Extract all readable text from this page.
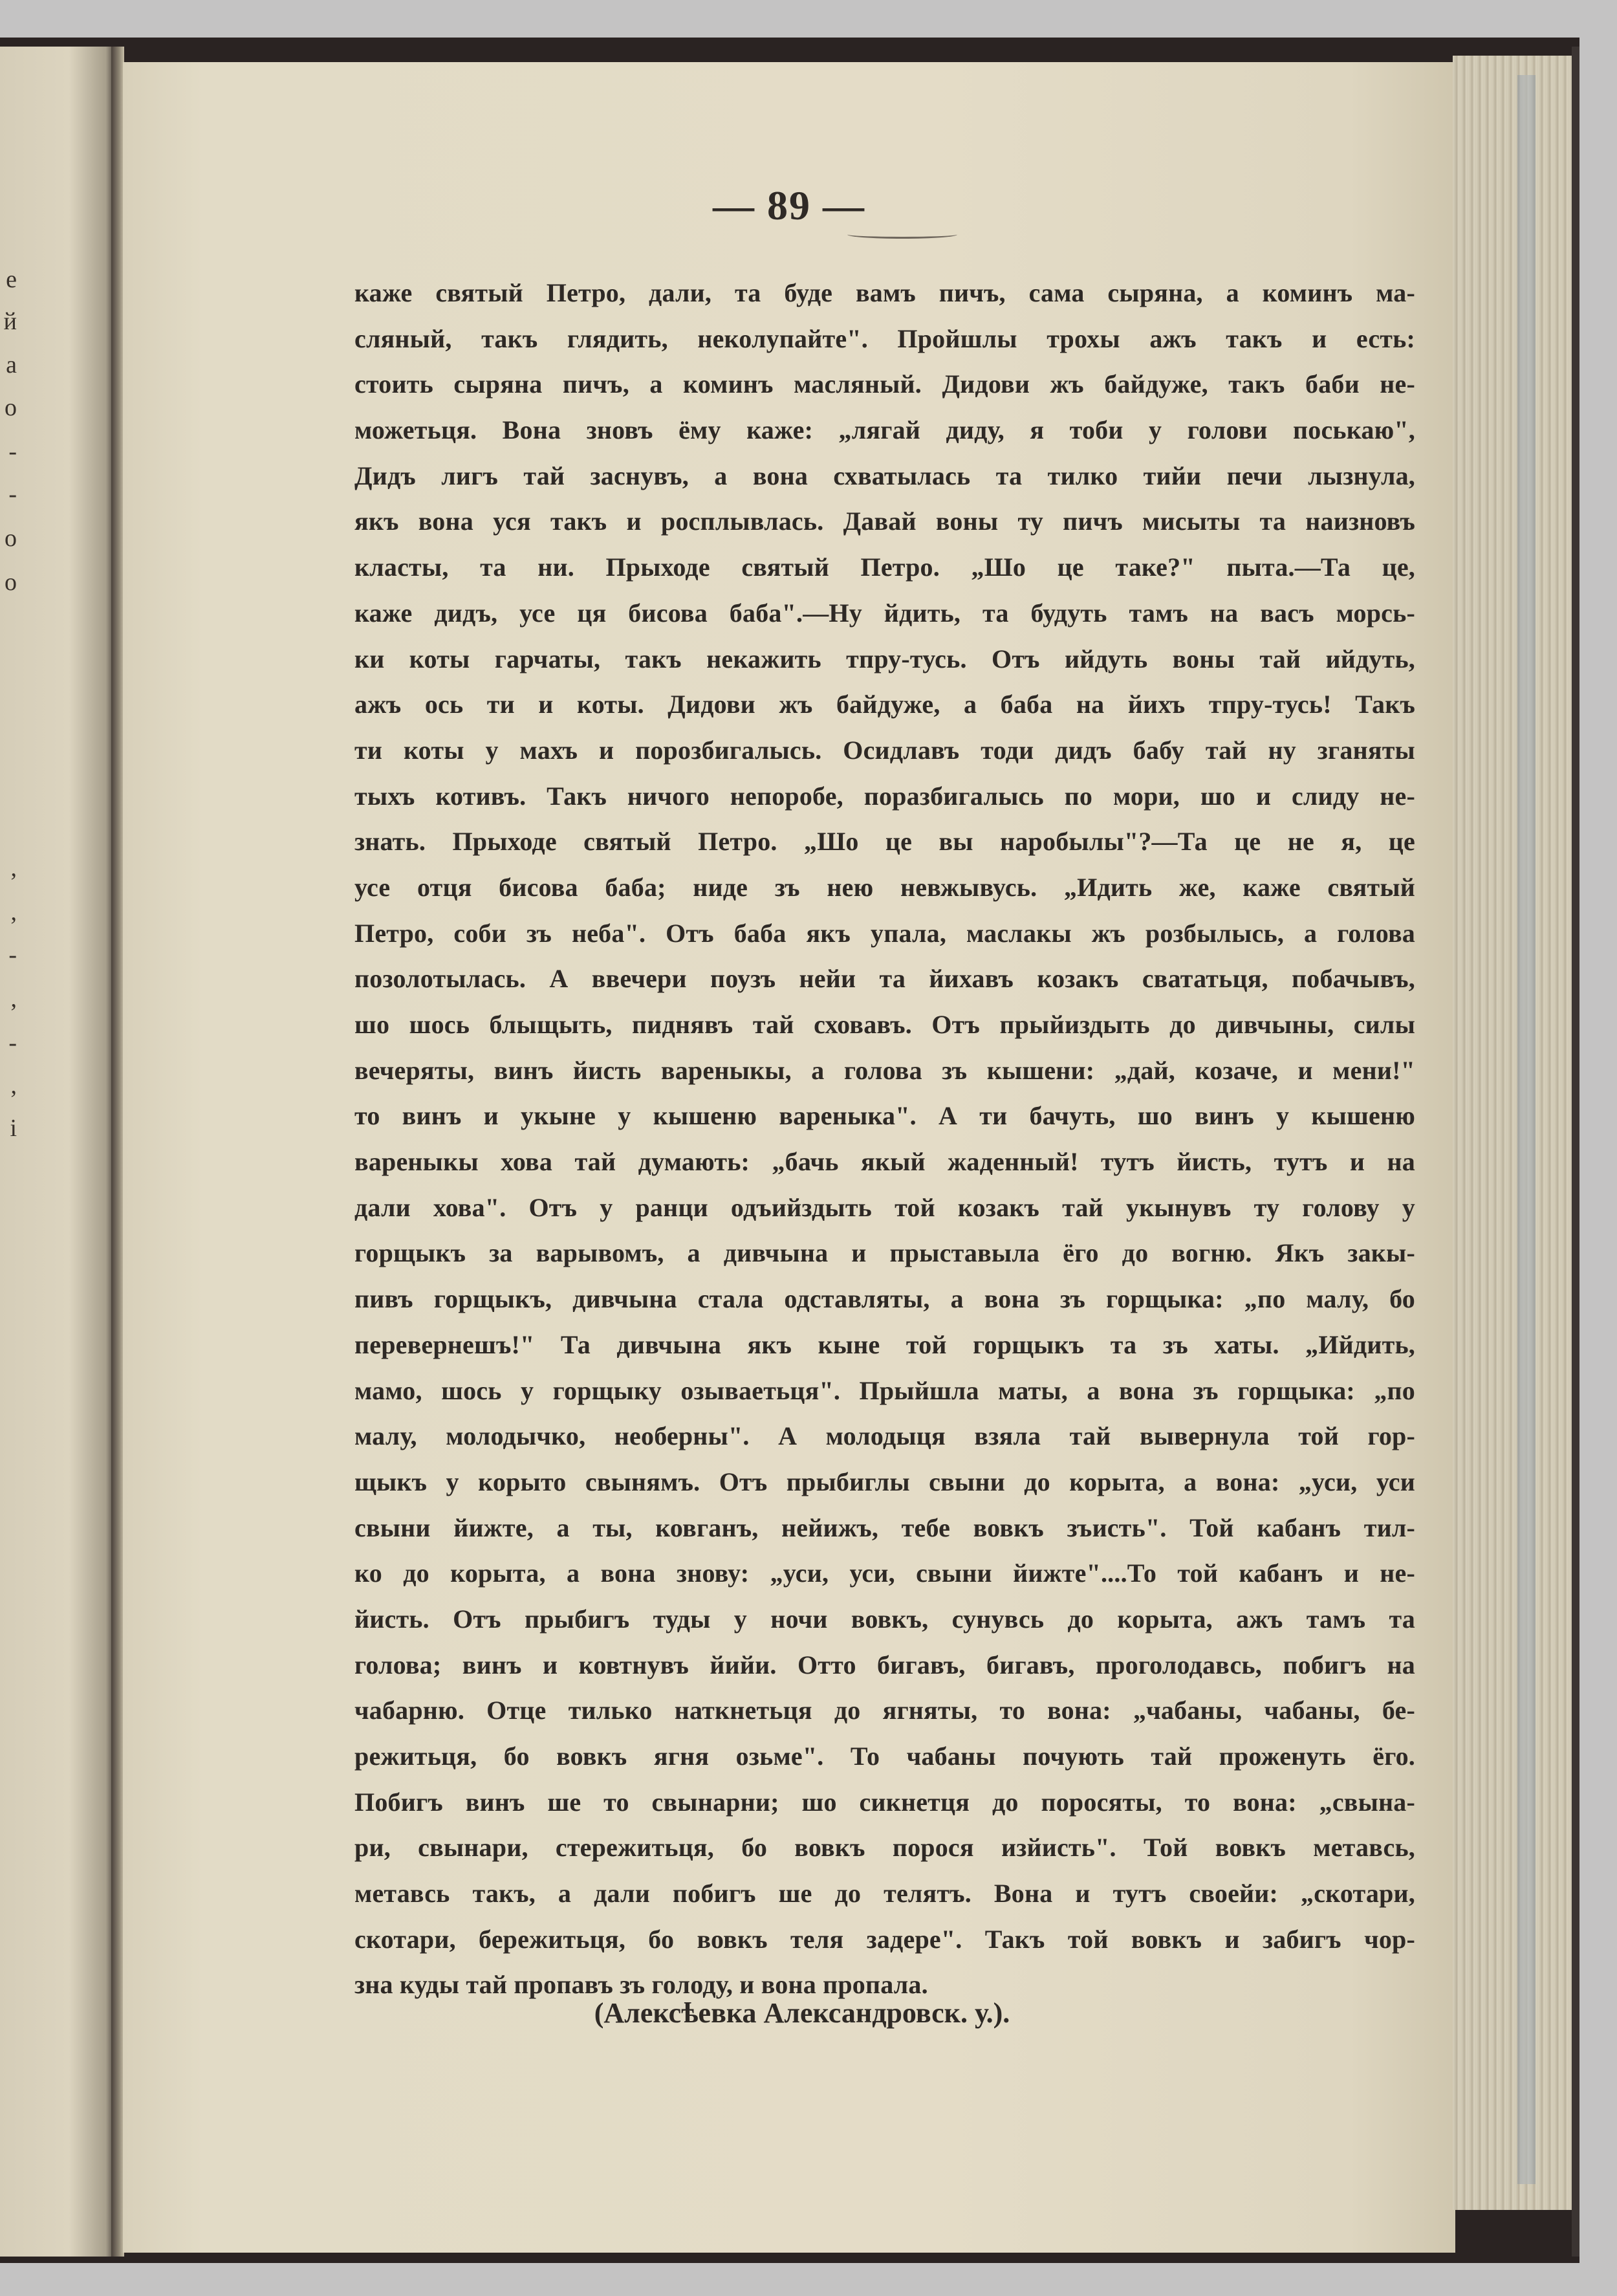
е
й
а
о
-
-
о
о
,
,
-
,
-
,
і
— 89 —
каже святый Петро, дали, та буде вамъ пичъ, сама сыряна, а коминъ ма-
сляный, такъ глядить, неколупайте". Пройшлы трохы ажъ такъ и есть:
стоить сыряна пичъ, а коминъ масляный. Дидови жъ байдуже, такъ баби не-
можетьця. Вона зновъ ёму каже: „лягай диду, я тоби у голови поськаю",
Дидъ лигъ тай заснувъ, а вона схватылась та тилко тийи печи лызнула,
якъ вона уся такъ и росплывлась. Давай воны ту пичъ мисыты та наизновъ
класты, та ни. Прыходе святый Петро. „Шо це таке?" пыта.—Та це,
каже дидъ, усе ця бисова баба".—Ну йдить, та будуть тамъ на васъ морсь-
ки коты гарчаты, такъ некажить тпру-тусь. Отъ ийдуть воны тай ийдуть,
ажъ ось ти и коты. Дидови жъ байдуже, а баба на йихъ тпру-тусь! Такъ
ти коты у махъ и порозбигалысь. Осидлавъ тоди дидъ бабу тай ну зганяты
тыхъ котивъ. Такъ ничого непоробе, поразбигалысь по мори, шо и слиду не-
знать. Прыходе святый Петро. „Шо це вы наробылы"?—Та це не я, це
усе отця бисова баба; ниде зъ нею невжывусь. „Идить же, каже святый
Петро, соби зъ неба". Отъ баба якъ упала, маслакы жъ розбылысь, а голова
позолотылась. А ввечери поузъ нейи та йихавъ козакъ свататьця, побачывъ,
шо шось блыщыть, пиднявъ тай сховавъ. Отъ прыйиздыть до дивчыны, силы
вечеряты, винъ йисть вареныкы, а голова зъ кышени: „дай, козаче, и мени!"
то винъ и укыне у кышеню вареныка". А ти бачуть, шо винъ у кышеню
вареныкы хова тай думають: „бачь якый жаденный! тутъ йисть, тутъ и на
дали хова". Отъ у ранци одъийздыть той козакъ тай укынувъ ту голову у
горщыкъ за варывомъ, а дивчына и прыставыла ёго до вогню. Якъ закы-
пивъ горщыкъ, дивчына стала одставляты, а вона зъ горщыка: „по малу, бо
перевернешъ!" Та дивчына якъ кыне той горщыкъ та зъ хаты. „Ийдить,
мамо, шось у горщыку озываетьця". Прыйшла маты, а вона зъ горщыка: „по
малу, молодычко, необерны". А молодыця взяла тай вывернула той гор-
щыкъ у корыто свынямъ. Отъ прыбиглы свыни до корыта, а вона: „уси, уси
свыни йижте, а ты, ковганъ, нейижъ, тебе вовкъ зъисть". Той кабанъ тил-
ко до корыта, а вона знову: „уси, уси, свыни йижте"....То той кабанъ и не-
йисть. Отъ прыбигъ туды у ночи вовкъ, сунувсь до корыта, ажъ тамъ та
голова; винъ и ковтнувъ йийи. Отто бигавъ, бигавъ, проголодавсь, побигъ на
чабарню. Отце тилько наткнетьця до ягняты, то вона: „чабаны, чабаны, бе-
режитьця, бо вовкъ ягня озьме". То чабаны почують тай проженуть ёго.
Побигъ винъ ше то свынарни; шо сикнетця до поросяты, то вона: „свына-
ри, свынари, стережитьця, бо вовкъ порося изйисть". Той вовкъ метавсь,
метавсь такъ, а дали побигъ ше до телятъ. Вона и тутъ своейи: „скотари,
скотари, бережитьця, бо вовкъ теля задере". Такъ той вовкъ и забигъ чор-
зна куды тай пропавъ зъ голоду, и вона пропала.
(Алексѣевка Александровск. у.).
